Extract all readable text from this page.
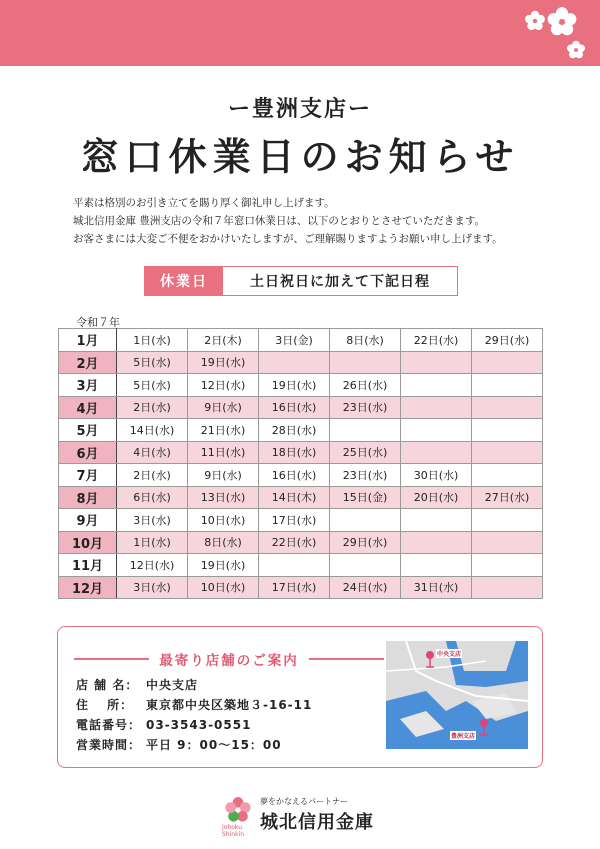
ー豊洲支店ー
窓口休業日のお知らせ
平素は格別のお引き立てを賜り厚く御礼申し上げます。
城北信用金庫 豊洲支店の令和７年窓口休業日は、以下のとおりとさせていただきます。
お客さまには大変ご不便をおかけいたしますが、ご理解賜りますようお願い申し上げます。
休業日	土日祝日に加えて下記日程
令和７年
1月	1日(水)	2日(木)	3日(金)	8日(水)	22日(水)	29日(水)
2月	5日(水)	19日(水)				
3月	5日(水)	12日(水)	19日(水)	26日(水)		
4月	2日(水)	9日(水)	16日(水)	23日(水)		
5月	14日(水)	21日(水)	28日(水)			
6月	4日(水)	11日(水)	18日(水)	25日(水)		
7月	2日(水)	9日(水)	16日(水)	23日(水)	30日(水)	
8月	6日(水)	13日(水)	14日(木)	15日(金)	20日(水)	27日(水)
9月	3日(水)	10日(水)	17日(水)			
10月	1日(水)	8日(水)	22日(水)	29日(水)		
11月	12日(水)	19日(水)				
12月	3日(水)	10日(水)	17日(水)	24日(水)	31日(水)	
最寄り店舗のご案内
店 舗 名： 中央支店
住　 所：	東京都中央区築地３-16-11
電話番号： 03-3543-0551
営業時間： 平日 9：00〜15：00
中央支店
豊洲支店
Johoku
Shinkin
夢をかなえるパートナー
城北信用金庫
